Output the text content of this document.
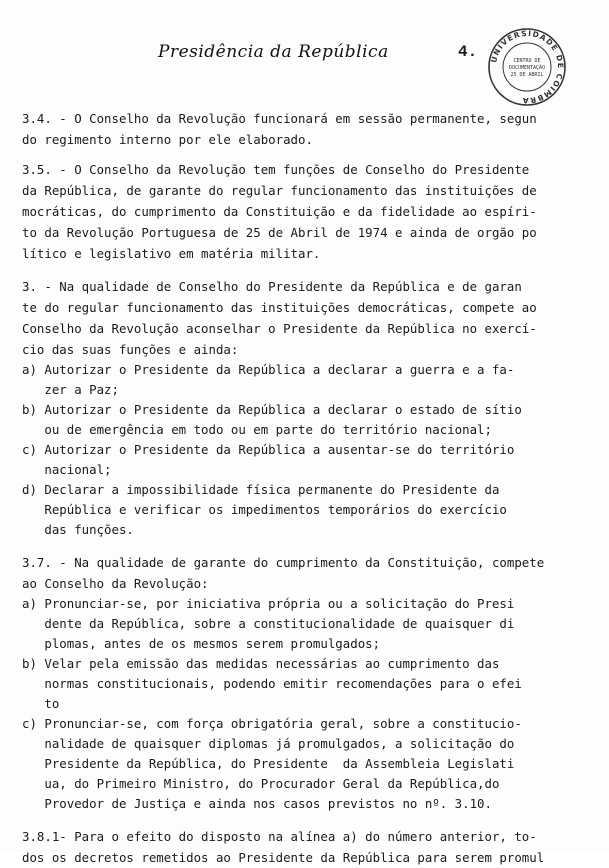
Presidência da República	4. UNIVERSIDADE DE COIMBRA
CENTRO DE
DOCUMENTAÇÃO
25 DE ABRIL
3.4. - O Conselho da Revolução funcionará em sessão permanente, segun
do regimento interno por ele elaborado.
3.5. - O Conselho da Revolução tem funções de Conselho do Presidente
da República, de garante do regular funcionamento das instituições de
mocráticas, do cumprimento da Constituição e da fidelidade ao espíri-
to da Revolução Portuguesa de 25 de Abril de 1974 e ainda de orgão po
lítico e legislativo em matéria militar.
3. - Na qualidade de Conselho do Presidente da República e de garan
te do regular funcionamento das instituições democráticas, compete ao
Conselho da Revolução aconselhar o Presidente da República no exercí-
cio das suas funções e ainda:
a) Autorizar o Presidente da República a declarar a guerra e a fa-
zer a Paz;
b) Autorizar o Presidente da República a declarar o estado de sítio
ou de emergência em todo ou em parte do território nacional;
c) Autorizar o Presidente da República a ausentar-se do território
nacional;
d) Declarar a impossibilidade física permanente do Presidente da
República e verificar os impedimentos temporários do exercício
das funções.
3.7. - Na qualidade de garante do cumprimento da Constituição, compete
ao Conselho da Revolução:
a) Pronunciar-se, por iniciativa própria ou a solicitação do Presi
dente da República, sobre a constitucionalidade de quaisquer di
plomas, antes de os mesmos serem promulgados;
b) Velar pela emissão das medidas necessárias ao cumprimento das
normas constitucionais, podendo emitir recomendações para o efei
to
c) Pronunciar-se, com força obrigatória geral, sobre a constitucio-
nalidade de quaisquer diplomas já promulgados, a solicitação do
Presidente da República, do Presidente  da Assembleia Legislati
ua, do Primeiro Ministro, do Procurador Geral da República,do
Provedor de Justiça e ainda nos casos previstos no nº. 3.10.
3.8.1- Para o efeito do disposto na alínea a) do número anterior, to-
dos os decretos remetidos ao Presidente da República para serem promul
